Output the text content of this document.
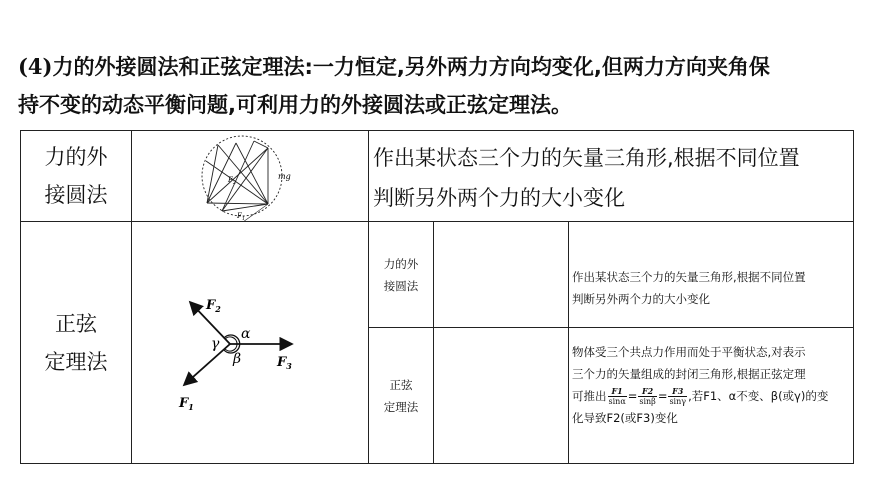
(4)力的外接圆法和正弦定理法:一力恒定,另外两力方向均变化,但两力方向夹角保
持不变的动态平衡问题,可利用力的外接圆法或正弦定理法。
力的外
接圆法
$F_2$
mg
$F_1$
作出某状态三个力的矢量三角形,根据不同位置
判断另外两个力的大小变化
正弦
定理法
$F_2$
$F_3$
$F_1$
α
β
γ
力的外
接圆法
作出某状态三个力的矢量三角形,根据不同位置
判断另外两个力的大小变化
正弦
定理法
物体受三个共点力作用而处于平衡状态,对表示
三个力的矢量组成的封闭三角形,根据正弦定理
可推出 $\frac{F1}{\sin\alpha} = \frac{F2}{\sin\beta} = \frac{F3}{\sin\gamma}$ ,若F1、α不变、β(或γ)的变
化导致F2(或F3)变化
